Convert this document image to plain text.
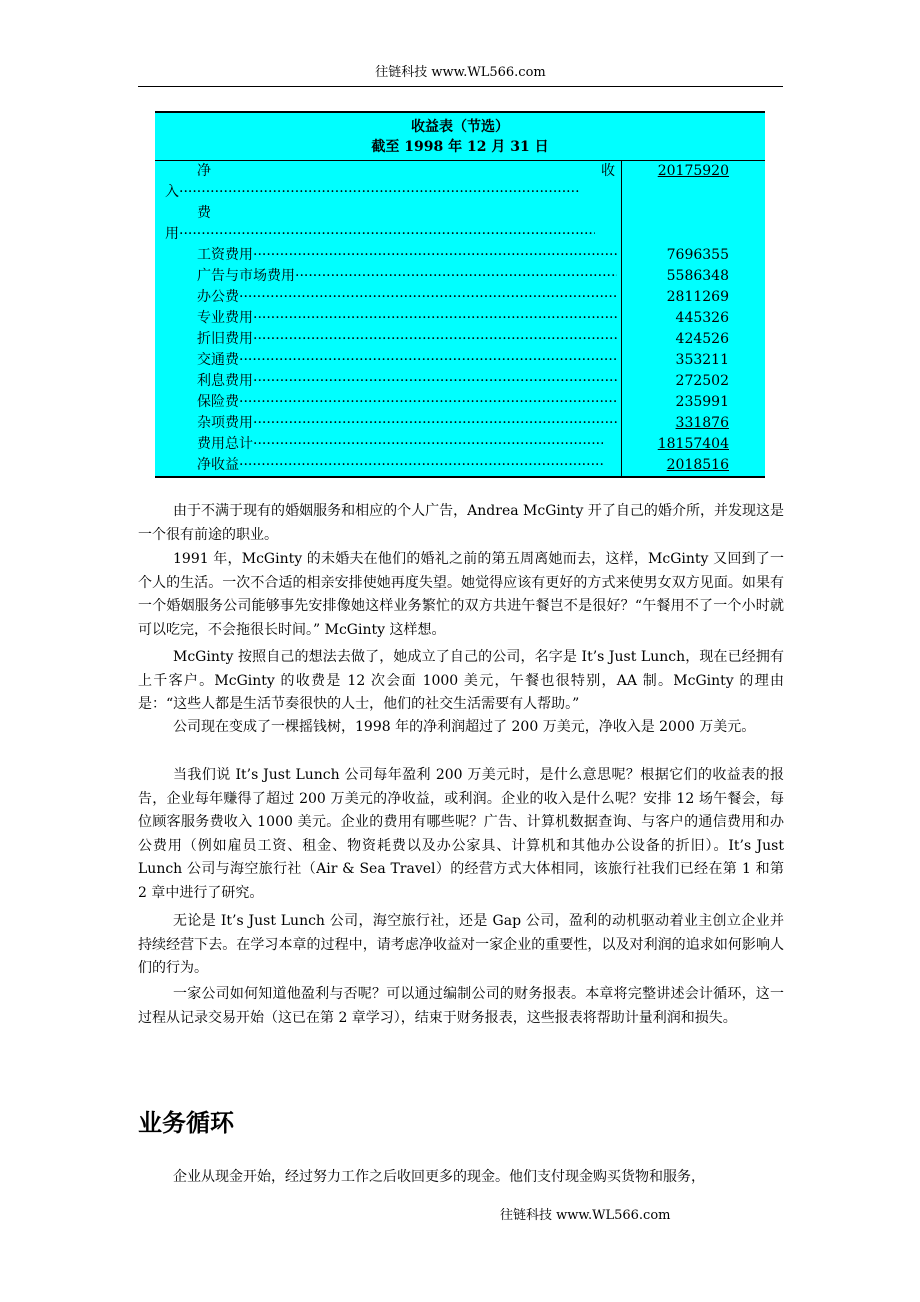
往链科技 www.WL566.com
收益表（节选）
截至 1998 年 12 月 31 日
净	收
入
·····
费
用
·····
工资费用
·····
广告与市场费用
·····
办公费
·····
专业费用
·····
折旧费用
·····
交通费
·····
利息费用
·····
保险费
·····
杂项费用
·····
费用总计
·····
净收益
·····
20175920
7696355
5586348
2811269
445326
424526
353211
272502
235991
331876
18157404
2018516

由于不满于现有的婚姻服务和相应的个人广告，Andrea McGinty 开了自己的婚介所，并发现这是一个很有前途的职业。

1991 年，McGinty 的未婚夫在他们的婚礼之前的第五周离她而去，这样，McGinty 又回到了一个人的生活。一次不合适的相亲安排使她再度失望。她觉得应该有更好的方式来使男女双方见面。如果有一个婚姻服务公司能够事先安排像她这样业务繁忙的双方共进午餐岂不是很好？“午餐用不了一个小时就可以吃完，不会拖很长时间。” McGinty 这样想。

McGinty 按照自己的想法去做了，她成立了自己的公司，名字是 It’s Just Lunch，现在已经拥有上千客户。McGinty 的收费是 12 次会面 1000 美元，午餐也很特别，AA 制。McGinty 的理由是：“这些人都是生活节奏很快的人士，他们的社交生活需要有人帮助。”

公司现在变成了一棵摇钱树，1998 年的净利润超过了 200 万美元，净收入是 2000 万美元。

当我们说 It’s Just Lunch 公司每年盈利 200 万美元时，是什么意思呢？根据它们的收益表的报告，企业每年赚得了超过 200 万美元的净收益，或利润。企业的收入是什么呢？安排 12 场午餐会，每位顾客服务费收入 1000 美元。企业的费用有哪些呢？广告、计算机数据查询、与客户的通信费用和办公费用（例如雇员工资、租金、物资耗费以及办公家具、计算机和其他办公设备的折旧）。It’s Just Lunch 公司与海空旅行社（Air & Sea Travel）的经营方式大体相同，该旅行社我们已经在第 1 和第 2 章中进行了研究。

无论是 It’s Just Lunch 公司，海空旅行社，还是 Gap 公司，盈利的动机驱动着业主创立企业并持续经营下去。在学习本章的过程中，请考虑净收益对一家企业的重要性，以及对利润的追求如何影响人们的行为。

一家公司如何知道他盈利与否呢？可以通过编制公司的财务报表。本章将完整讲述会计循环，这一过程从记录交易开始（这已在第 2 章学习），结束于财务报表，这些报表将帮助计量利润和损失。

业务循环

企业从现金开始，经过努力工作之后收回更多的现金。他们支付现金购买货物和服务，

往链科技 www.WL566.com
